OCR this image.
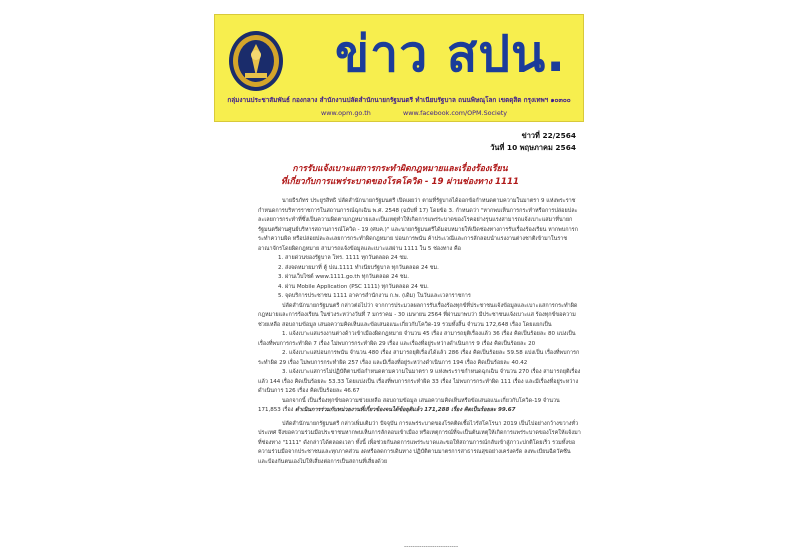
ข่าว สปน.
กลุ่มงานประชาสัมพันธ์ กองกลาง สำนักงานปลัดสำนักนายกรัฐมนตรี ทำเนียบรัฐบาล ถนนพิษณุโลก เขตดุสิต กรุงเทพฯ ๑๐๓๐๐
www.opm.go.th	www.facebook.com/OPM.Society
ข่าวที่ 22/2564
วันที่ 10 พฤษภาคม 2564
การรับแจ้งเบาะแสการกระทำผิดกฎหมายและเรื่องร้องเรียน
ที่เกี่ยวกับการแพร่ระบาดของโรคโควิด - 19 ผ่านช่องทาง 1111

นายธีรภัทร ประยูรสิทธิ ปลัดสำนักนายกรัฐมนตรี เปิดเผยว่า ตามที่รัฐบาลได้ออกข้อกำหนดตามความในมาตรา 9 แห่งพระราชกำหนดการบริหารราชการในสถานการณ์ฉุกเฉิน พ.ศ. 2548 (ฉบับที่ 17) โดยข้อ 3. กำหนดว่า "หากพบเห็นการกระทำหรือการปล่อยปละละเลยการกระทำที่ซึ่งเป็นความผิดตามกฎหมายและเป็นเหตุทำให้เกิดการแพร่ระบาดของโรคอย่างรุนแรงสามารถแจ้งเบาะแสมาที่นายกรัฐมนตรีผ่านศูนย์บริหารสถานการณ์โควิด - 19 (ศบค.)" และนายกรัฐมนตรีได้มอบหมายให้เปิดช่องทางการรับเรื่องร้องเรียน หากพบการกระทำความผิด หรือปล่อยปละละเลยการกระทำผิดกฎหมาย บ่อนการพนัน ค้าประเวณีและการลักลอบนำแรงงานต่างชาติเข้ามาในราชอาณาจักรโดยผิดกฎหมาย สามารถแจ้งข้อมูลและเบาะแสผ่าน 1111 ใน 5 ช่องทาง คือ

1. สายด่วนของรัฐบาล โทร. 1111 ทุกวันตลอด 24 ชม.

2. ส่งจดหมายมาที่ ตู้ ปณ.1111 ทำเนียบรัฐบาล ทุกวันตลอด 24 ชม.

3. ผ่านเว็บไซต์ www.1111.go.th ทุกวันตลอด 24 ชม.

4. ผ่าน Mobile Application (PSC 1111) ทุกวันตลอด 24 ชม.

5. จุดบริการประชาชน 1111 อาคารสำนักงาน ก.พ. (เดิม) ในวันและเวลาราชการ

ปลัดสำนักนายกรัฐมนตรี กล่าวต่อไปว่า จากการประมวลผลการรับเรื่องร้องทุกข์ที่ประชาชนแจ้งข้อมูลและเบาะแสการกระทำผิดกฎหมายและการร้องเรียน ในช่วงระหว่างวันที่ 7 มกราคม - 30 เมษายน 2564 ที่ผ่านมาพบว่า มีประชาชนแจ้งเบาะแส ร้องทุกข์ขอความช่วยเหลือ สอบถามข้อมูล เสนอความคิดเห็นและข้อเสนอแนะเกี่ยวกับโควิด-19 รวมทั้งสิ้น จำนวน 172,648 เรื่อง โดยแยกเป็น

1. แจ้งเบาะแสแรงงานต่างด้าวเข้าเมืองผิดกฎหมาย จำนวน 45 เรื่อง สามารถยุติเรื่องแล้ว 36 เรื่อง คิดเป็นร้อยละ 80 แบ่งเป็นเรื่องที่พบการกระทำผิด 7 เรื่อง ไม่พบการกระทำผิด 29 เรื่อง และเรื่องที่อยู่ระหว่างดำเนินการ 9 เรื่อง คิดเป็นร้อยละ 20

2. แจ้งเบาะแสบ่อนการพนัน จำนวน 480 เรื่อง สามารถยุติเรื่องได้แล้ว 286 เรื่อง คิดเป็นร้อยละ 59.58 แบ่งเป็น เรื่องที่พบการกระทำผิด 29 เรื่อง ไม่พบการกระทำผิด 257 เรื่อง และมีเรื่องที่อยู่ระหว่างดำเนินการ 194 เรื่อง คิดเป็นร้อยละ 40.42

3. แจ้งเบาะแสการไม่ปฏิบัติตามข้อกำหนดตามความในมาตรา 9 แห่งพระราชกำหนดฉุกเฉิน จำนวน 270 เรื่อง สามารถยุติเรื่องแล้ว 144 เรื่อง คิดเป็นร้อยละ 53.33 โดยแบ่งเป็น เรื่องที่พบการกระทำผิด 33 เรื่อง ไม่พบการกระทำผิด 111 เรื่อง และมีเรื่องที่อยู่ระหว่างดำเนินการ 126 เรื่อง คิดเป็นร้อยละ 46.67

นอกจากนี้ เป็นเรื่องทุกข์ขอความช่วยเหลือ สอบถามข้อมูล เสนอความคิดเห็นหรือข้อเสนอแนะเกี่ยวกับโควิด-19 จำนวน 171,853 เรื่อง ดำเนินการร่วมกับหน่วยงานที่เกี่ยวข้องจนได้ข้อยุติแล้ว 171,288 เรื่อง คิดเป็นร้อยละ 99.67

ปลัดสำนักนายกรัฐมนตรี กล่าวเพิ่มเติมว่า ปัจจุบัน การแพร่ระบาดของโรคติดเชื้อไวรัสโคโรนา 2019 เป็นไปอย่างกว้างขวางทั่วประเทศ จึงขอความร่วมมือประชาชนหากพบเห็นการลักลอบเข้าเมือง หรือเหตุการณ์ที่จะเป็นต้นเหตุให้เกิดการแพร่ระบาดของโรคให้แจ้งมาที่ช่องทาง "1111" ดังกล่าวได้ตลอดเวลา ทั้งนี้ เพื่อช่วยกันลดการแพร่ระบาดและขอให้สถานการณ์กลับเข้าสู่ภาวะปกติโดยเร็ว รวมทั้งขอความร่วมมือจากประชาชนและทุกภาคส่วน งดหรือลดการเดินทาง ปฏิบัติตามมาตรการสาธารณสุขอย่างเคร่งครัด ลงทะเบียนฉีดวัคซีน และป้องกันตนเองไม่ให้เสี่ยงต่อการเป็นสถานที่เสี่ยงด้วย

-------------------------
